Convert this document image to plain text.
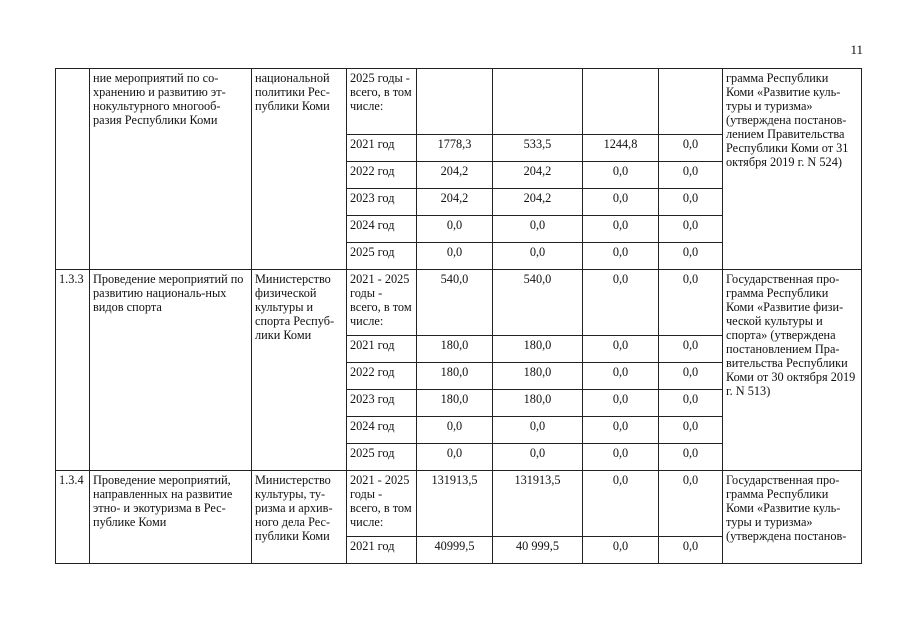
11
	ние мероприятий по со-хранению и развитию эт-нокультурного многооб-разия Республики Коми	национальной политики Рес-публики Коми	2025 годы - всего, в том числе:					грамма Республики Коми «Развитие куль-туры и туризма» (утверждена постанов-лением Правительства Республики Коми от 31 октября 2019 г. N 524)
			2021 год	1778,3	533,5	1244,8	0,0	
			2022 год	204,2	204,2	0,0	0,0	
			2023 год	204,2	204,2	0,0	0,0	
			2024 год	0,0	0,0	0,0	0,0	
			2025 год	0,0	0,0	0,0	0,0	
1.3.3	Проведение мероприятий по развитию националь-ных видов спорта	Министерство физической культуры и спорта Респуб-лики Коми	2021 - 2025 годы - всего, в том числе:	540,0	540,0	0,0	0,0	Государственная про-грамма Республики Коми «Развитие физи-ческой культуры и спорта» (утверждена постановлением Пра-вительства Республики Коми от 30 октября 2019 г. N 513)
			2021 год	180,0	180,0	0,0	0,0	
			2022 год	180,0	180,0	0,0	0,0	
			2023 год	180,0	180,0	0,0	0,0	
			2024 год	0,0	0,0	0,0	0,0	
			2025 год	0,0	0,0	0,0	0,0	
1.3.4	Проведение мероприятий, направленных на развитие этно- и экотуризма в Рес-публике Коми	Министерство культуры, ту-ризма и архив-ного дела Рес-публики Коми	2021 - 2025 годы - всего, в том числе:	131913,5	131913,5	0,0	0,0	Государственная про-грамма Республики Коми «Развитие куль-туры и туризма» (утверждена постанов-
			2021 год	40999,5	40 999,5	0,0	0,0	
